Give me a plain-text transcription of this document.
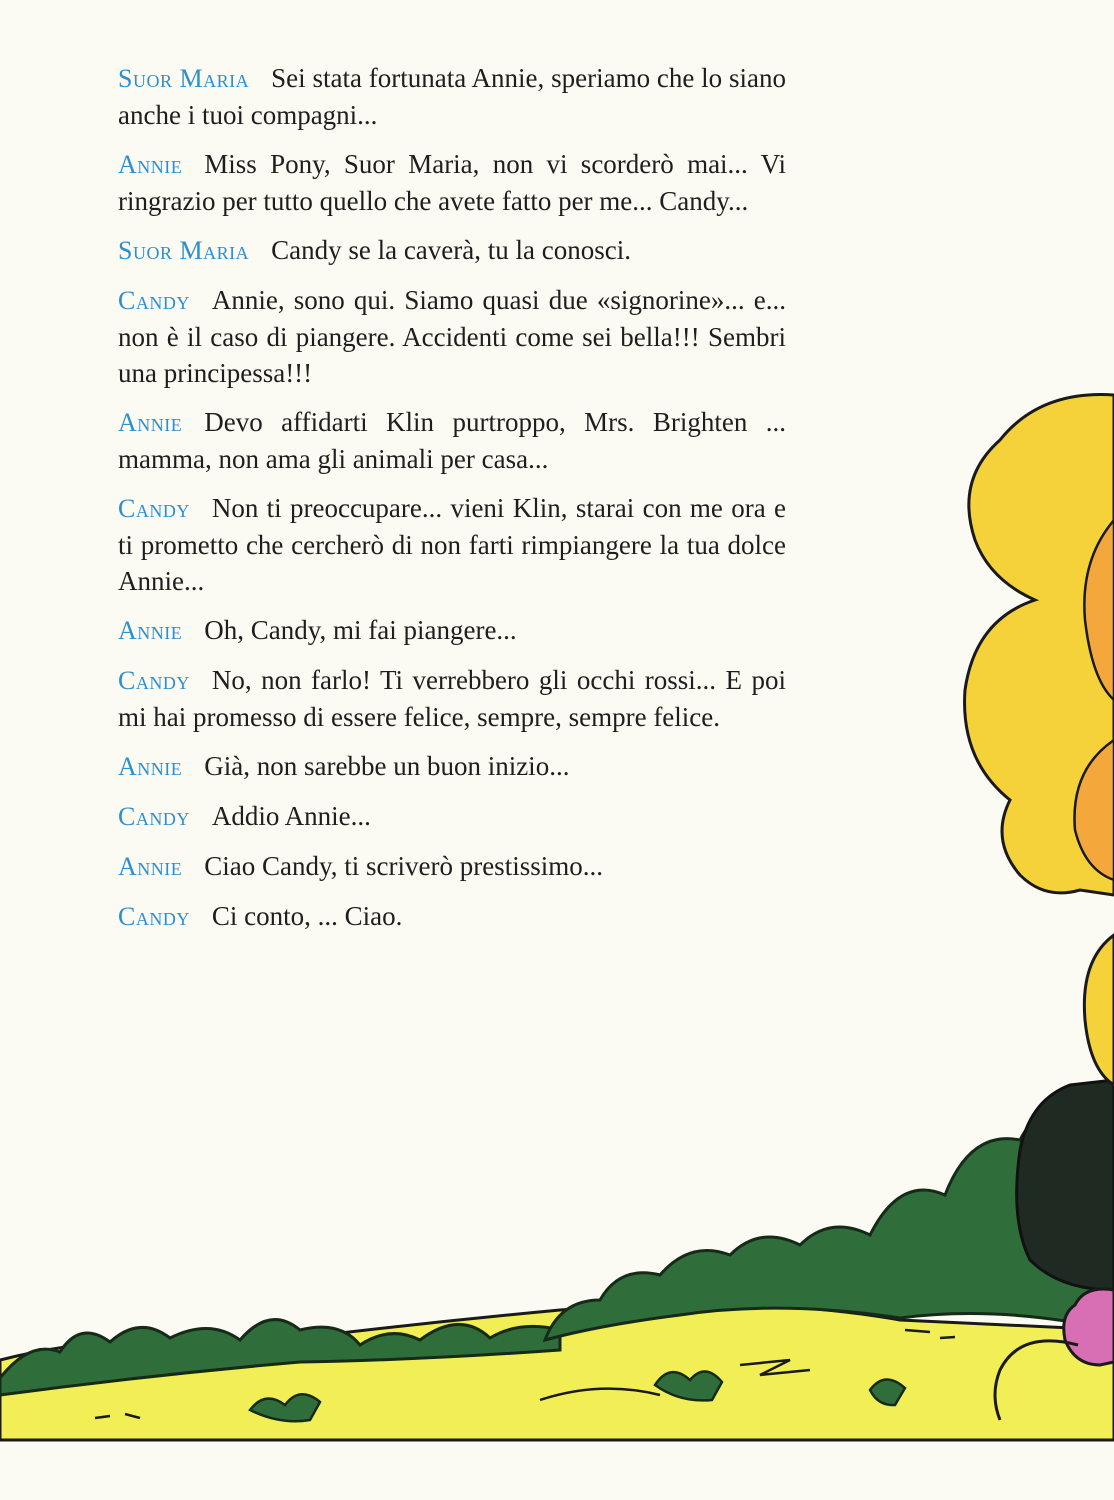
Suor Maria Sei stata fortunata Annie, speriamo che lo siano anche i tuoi compagni...

Annie Miss Pony, Suor Maria, non vi scorderò mai... Vi ringrazio per tutto quello che avete fatto per me... Candy...

Suor Maria Candy se la caverà, tu la conosci.

Candy Annie, sono qui. Siamo quasi due «signorine»... e... non è il caso di piangere. Accidenti come sei bella!!! Sembri una principessa!!!

Annie Devo affidarti Klin purtroppo, Mrs. Brighten ... mamma, non ama gli animali per casa...

Candy Non ti preoccupare... vieni Klin, starai con me ora e ti prometto che cercherò di non farti rimpiangere la tua dolce Annie...

Annie Oh, Candy, mi fai piangere...

Candy No, non farlo! Ti verrebbero gli occhi rossi... E poi mi hai promesso di essere felice, sempre, sempre felice.

Annie Già, non sarebbe un buon inizio...

Candy Addio Annie...

Annie Ciao Candy, ti scriverò prestissimo...

Candy Ci conto, ... Ciao.
